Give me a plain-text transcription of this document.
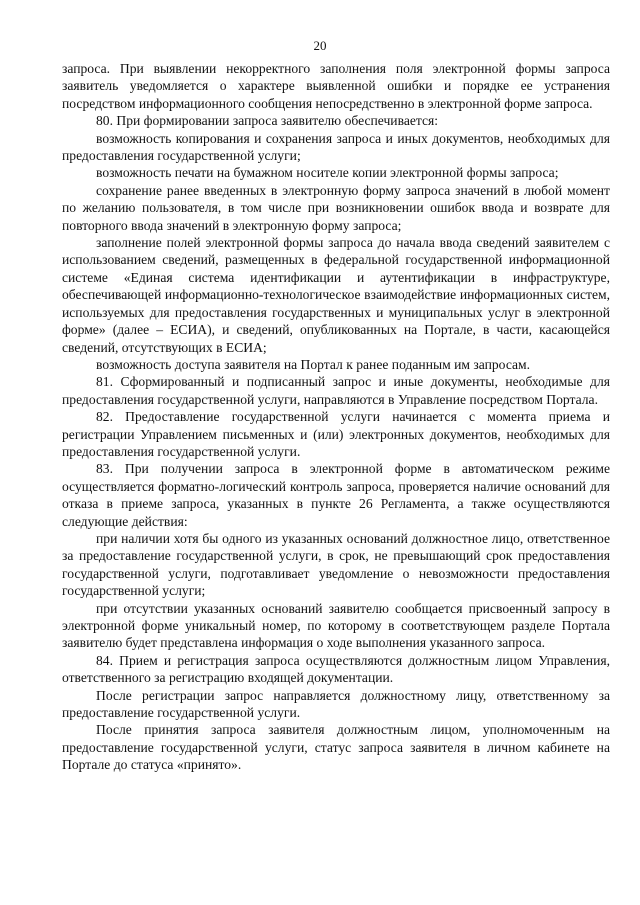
20

запроса. При выявлении некорректного заполнения поля электронной формы запроса заявитель уведомляется о характере выявленной ошибки и порядке ее устранения посредством информационного сообщения непосредственно в электронной форме запроса.

80. При формировании запроса заявителю обеспечивается:

возможность копирования и сохранения запроса и иных документов, необходимых для предоставления государственной услуги;

возможность печати на бумажном носителе копии электронной формы запроса;

сохранение ранее введенных в электронную форму запроса значений в любой момент по желанию пользователя, в том числе при возникновении ошибок ввода и возврате для повторного ввода значений в электронную форму запроса;

заполнение полей электронной формы запроса до начала ввода сведений заявителем с использованием сведений, размещенных в федеральной государственной информационной системе «Единая система идентификации и аутентификации в инфраструктуре, обеспечивающей информационно-технологическое взаимодействие информационных систем, используемых для предоставления государственных и муниципальных услуг в электронной форме» (далее – ЕСИА), и сведений, опубликованных на Портале, в части, касающейся сведений, отсутствующих в ЕСИА;

возможность доступа заявителя на Портал к ранее поданным им запросам.

81. Сформированный и подписанный запрос и иные документы, необходимые для предоставления государственной услуги, направляются в Управление посредством Портала.

82. Предоставление государственной услуги начинается с момента приема и регистрации Управлением письменных и (или) электронных документов, необходимых для предоставления государственной услуги.

83. При получении запроса в электронной форме в автоматическом режиме осуществляется форматно-логический контроль запроса, проверяется наличие оснований для отказа в приеме запроса, указанных в пункте 26 Регламента, а также осуществляются следующие действия:

при наличии хотя бы одного из указанных оснований должностное лицо, ответственное за предоставление государственной услуги, в срок, не превышающий срок предоставления государственной услуги, подготавливает уведомление о невозможности предоставления государственной услуги;

при отсутствии указанных оснований заявителю сообщается присвоенный запросу в электронной форме уникальный номер, по которому в соответствующем разделе Портала заявителю будет представлена информация о ходе выполнения указанного запроса.

84. Прием и регистрация запроса осуществляются должностным лицом Управления, ответственного за регистрацию входящей документации.

После регистрации запрос направляется должностному лицу, ответственному за предоставление государственной услуги.

После принятия запроса заявителя должностным лицом, уполномоченным на предоставление государственной услуги, статус запроса заявителя в личном кабинете на Портале до статуса «принято».
